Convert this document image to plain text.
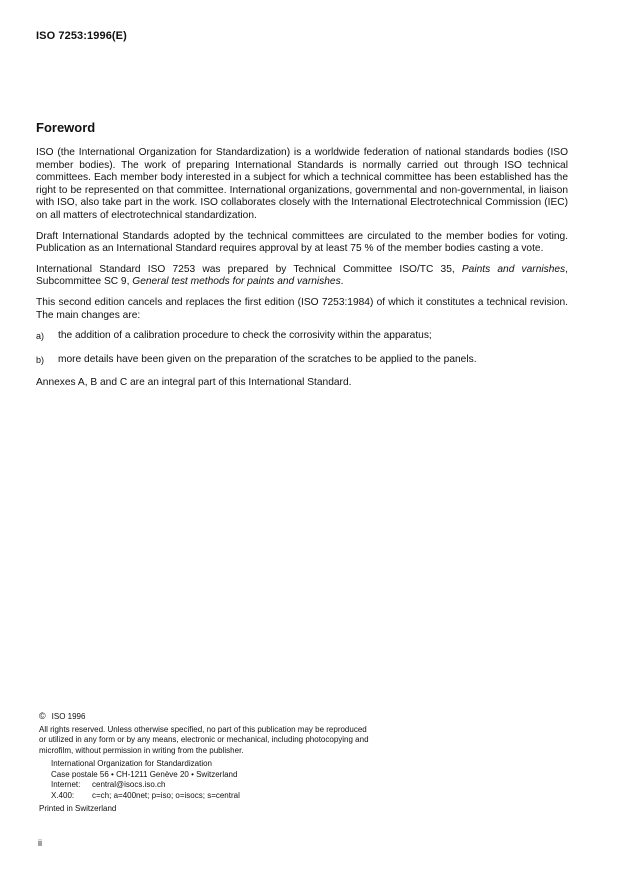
ISO 7253:1996(E)
Foreword

ISO (the International Organization for Standardization) is a worldwide federation of national standards bodies (ISO member bodies). The work of preparing International Standards is normally carried out through ISO technical committees. Each member body interested in a subject for which a technical committee has been established has the right to be represented on that committee. International organizations, governmental and non-governmental, in liaison with ISO, also take part in the work. ISO collaborates closely with the International Electrotechnical Commission (IEC) on all matters of electrotechnical standardization.

Draft International Standards adopted by the technical committees are circulated to the member bodies for voting. Publication as an International Standard requires approval by at least 75 % of the member bodies casting a vote.

International Standard ISO 7253 was prepared by Technical Committee ISO/TC 35, Paints and varnishes, Subcommittee SC 9, General test methods for paints and varnishes.

This second edition cancels and replaces the first edition (ISO 7253:1984) of which it constitutes a technical revision. The main changes are:

a)	the addition of a calibration procedure to check the corrosivity within the apparatus;
b)	more details have been given on the preparation of the scratches to be applied to the panels.

Annexes A, B and C are an integral part of this International Standard.

© ISO 1996
All rights reserved. Unless otherwise specified, no part of this publication may be reproduced
or utilized in any form or by any means, electronic or mechanical, including photocopying and
microfilm, without permission in writing from the publisher.
International Organization for Standardization
Case postale 56 • CH-1211 Genève 20 • Switzerland
Internet:	central@isocs.iso.ch
X.400:	c=ch; a=400net; p=iso; o=isocs; s=central
Printed in Switzerland
ii
